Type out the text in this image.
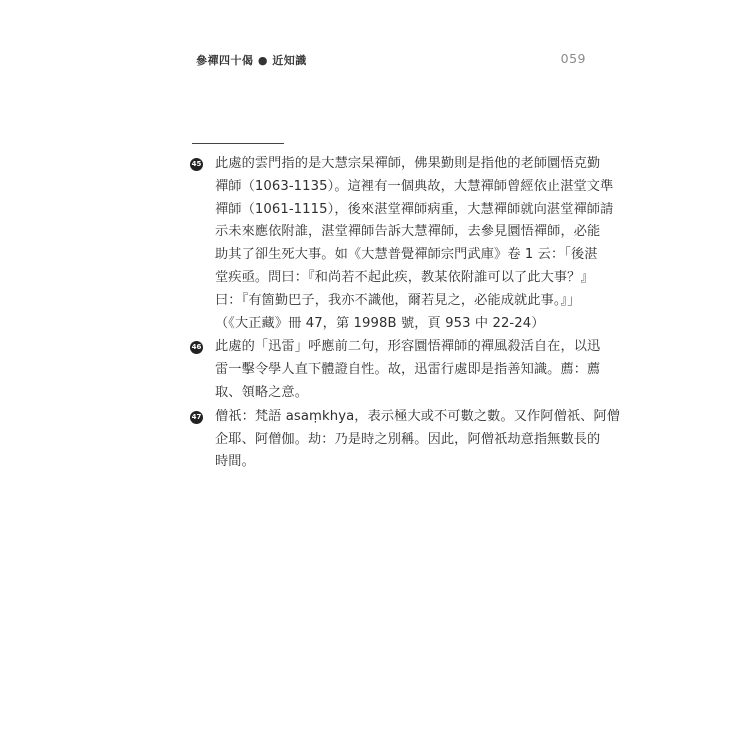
參禪四十偈 ● 近知識	059
45 此處的雲門指的是大慧宗杲禪師，佛果勤則是指他的老師圜悟克勤
禪師（1063-1135）。這裡有一個典故，大慧禪師曾經依止湛堂文準
禪師（1061-1115），後來湛堂禪師病重，大慧禪師就向湛堂禪師請
示未來應依附誰，湛堂禪師告訴大慧禪師，去參見圜悟禪師，必能
助其了卻生死大事。如《大慧普覺禪師宗門武庫》卷 1 云：「後湛
堂疾亟。問曰：『和尚若不起此疾，教某依附誰可以了此大事？』
曰：『有箇勤巴子，我亦不識他，爾若見之，必能成就此事。』」
（《大正藏》冊 47，第 1998B 號，頁 953 中 22-24）
46 此處的「迅雷」呼應前二句，形容圜悟禪師的禪風殺活自在，以迅
雷一擊令學人直下體證自性。故，迅雷行處即是指善知識。薦：薦
取、領略之意。
47 僧祇：梵語 asaṃkhya，表示極大或不可數之數。又作阿僧祇、阿僧
企耶、阿僧伽。劫：乃是時之別稱。因此，阿僧祇劫意指無數長的
時間。
